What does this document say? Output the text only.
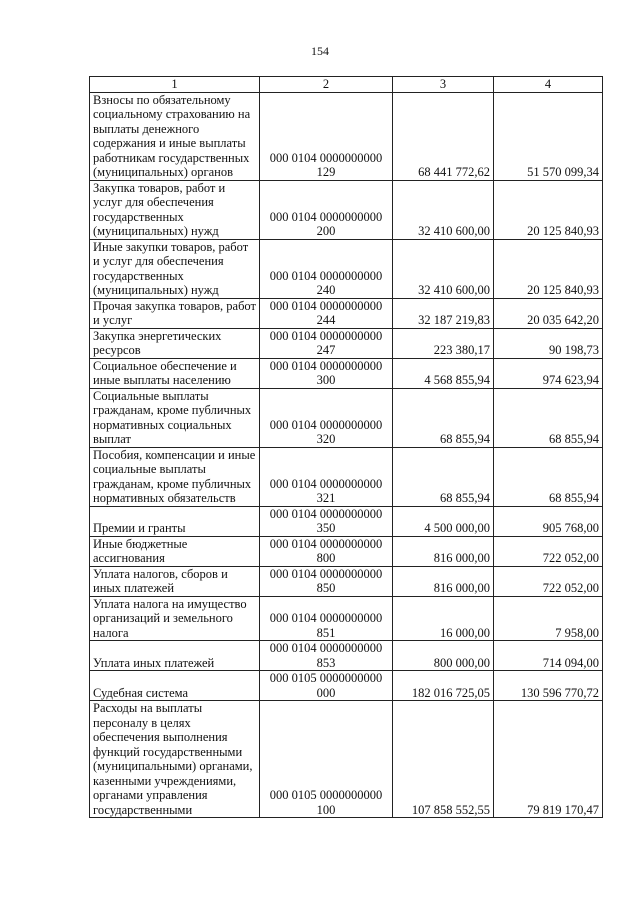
154
1	2	3	4
Взносы по обязательному социальному страхованию на выплаты денежного содержания и иные выплаты работникам государственных (муниципальных) органов	000 0104 0000000000 129	68 441 772,62	51 570 099,34
Закупка товаров, работ и услуг для обеспечения государственных (муниципальных) нужд	000 0104 0000000000 200	32 410 600,00	20 125 840,93
Иные закупки товаров, работ и услуг для обеспечения государственных (муниципальных) нужд	000 0104 0000000000 240	32 410 600,00	20 125 840,93
Прочая закупка товаров, работ и услуг	000 0104 0000000000 244	32 187 219,83	20 035 642,20
Закупка энергетических ресурсов	000 0104 0000000000 247	223 380,17	90 198,73
Социальное обеспечение и иные выплаты населению	000 0104 0000000000 300	4 568 855,94	974 623,94
Социальные выплаты гражданам, кроме публичных нормативных социальных выплат	000 0104 0000000000 320	68 855,94	68 855,94
Пособия, компенсации и иные социальные выплаты гражданам, кроме публичных нормативных обязательств	000 0104 0000000000 321	68 855,94	68 855,94
Премии и гранты	000 0104 0000000000 350	4 500 000,00	905 768,00
Иные бюджетные ассигнования	000 0104 0000000000 800	816 000,00	722 052,00
Уплата налогов, сборов и иных платежей	000 0104 0000000000 850	816 000,00	722 052,00
Уплата налога на имущество организаций и земельного налога	000 0104 0000000000 851	16 000,00	7 958,00
Уплата иных платежей	000 0104 0000000000 853	800 000,00	714 094,00
Судебная система	000 0105 0000000000 000	182 016 725,05	130 596 770,72
Расходы на выплаты персоналу в целях обеспечения выполнения функций государственными (муниципальными) органами, казенными учреждениями, органами управления государственными	000 0105 0000000000 100	107 858 552,55	79 819 170,47
